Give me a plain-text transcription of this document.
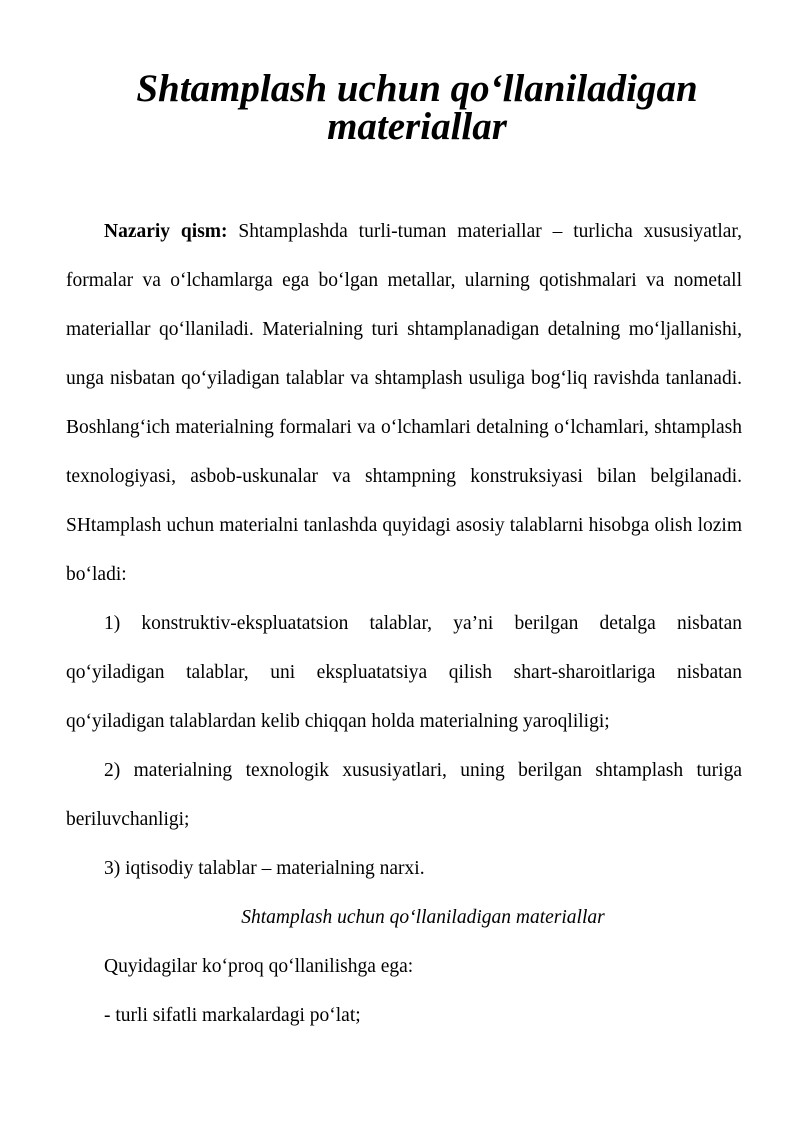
Shtamplash uchun qo‘llaniladigan materiallar

Nazariy qism: Shtamplashda turli-tuman materiallar – turlicha xususiyatlar, formalar va o‘lchamlarga ega bo‘lgan metallar, ularning qotishmalari va nometall materiallar qo‘llaniladi. Materialning turi shtamplanadigan detalning mo‘ljallanishi, unga nisbatan qo‘yiladigan talablar va shtamplash usuliga bog‘liq ravishda tanlanadi. Boshlang‘ich materialning formalari va o‘lchamlari detalning o‘lchamlari, shtamplash texnologiyasi, asbob-uskunalar va shtampning konstruksiyasi bilan belgilanadi. SHtamplash uchun materialni tanlashda quyidagi asosiy talablarni hisobga olish lozim bo‘ladi:

1) konstruktiv-ekspluatatsion talablar, ya’ni berilgan detalga nisbatan qo‘yiladigan talablar, uni ekspluatatsiya qilish shart-sharoitlariga nisbatan qo‘yiladigan talablardan kelib chiqqan holda materialning yaroqliligi;

2) materialning texnologik xususiyatlari, uning berilgan shtamplash turiga beriluvchanligi;

3) iqtisodiy talablar – materialning narxi.

Shtamplash uchun qo‘llaniladigan materiallar

Quyidagilar ko‘proq qo‘llanilishga ega:

- turli sifatli markalardagi po‘lat;
